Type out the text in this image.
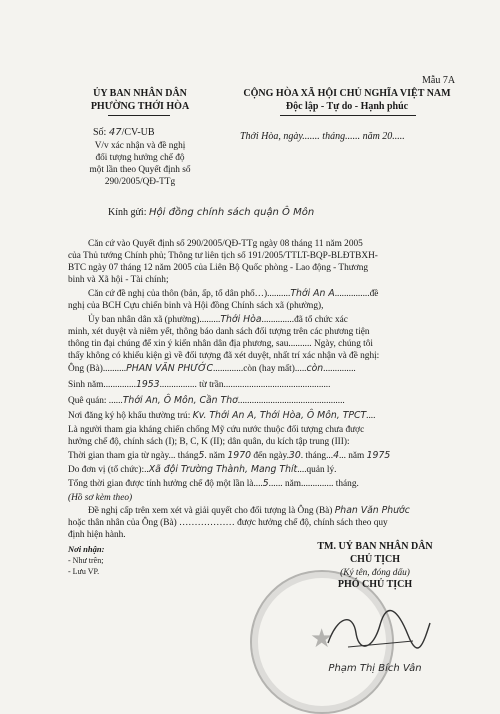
Mẫu 7A
ỦY BAN NHÂN DÂN
PHƯỜNG THỚI HÒA
CỘNG HÒA XÃ HỘI CHỦ NGHĨA VIỆT NAM
Độc lập - Tự do - Hạnh phúc
Số: 47/CV-UB
V/v xác nhận và đề nghị
đối tượng hưởng chế độ
một lần theo Quyết định số
290/2005/QĐ-TTg
Thới Hòa, ngày....... tháng...... năm 20.....
Kính gửi: Hội đồng chính sách quận Ô Môn
Căn cứ vào Quyết định số 290/2005/QĐ-TTg ngày 08 tháng 11 năm 2005
của Thủ tướng Chính phủ; Thông tư liên tịch số 191/2005/TTLT-BQP-BLĐTBXH-
BTC ngày 07 tháng 12 năm 2005 của Liên Bộ Quốc phòng - Lao động - Thương
binh và Xã hội - Tài chính;
Căn cứ đề nghị của thôn (bản, ấp, tổ dân phố…)..........Thới An A...............đề
nghị của BCH Cựu chiến binh và Hội đồng Chính sách xã (phường),
Ủy ban nhân dân xã (phường).........Thới Hòa..............đã tổ chức xác
minh, xét duyệt và niêm yết, thông báo danh sách đối tượng trên các phương tiện
thông tin đại chúng để xin ý kiến nhân dân địa phương, sau.......... Ngày, chúng tôi
thấy không có khiếu kiện gì về đối tượng đã xét duyệt, nhất trí xác nhận và đề nghị:
Ông (Bà)..........PHAN VĂN PHƯỚC.............còn (hay mất).....còn..............
Sinh năm..............1953................ từ trần..............................................
Quê quán: ......Thới An, Ô Môn, Cần Thơ..............................................
Nơi đăng ký hộ khẩu thường trú: Kv. Thới An A, Thới Hòa, Ô Môn, TPCT....
Là người tham gia kháng chiến chống Mỹ cứu nước thuộc đối tượng chưa được
hưởng chế độ, chính sách (I); B, C, K (II); dân quân, du kích tập trung (III):
Thời gian tham gia từ ngày... tháng5. năm 1970 đến ngày.30. tháng...4... năm 1975
Do đơn vị (tổ chức):..Xã đội Trường Thành, Mang Thít....quản lý.
Tổng thời gian được tính hưởng chế độ một lần là....5...... năm.............. tháng.
(Hồ sơ kèm theo)
Đề nghị cấp trên xem xét và giải quyết cho đối tượng là Ông (Bà) Phan Văn Phước
hoặc thân nhân của Ông (Bà) ……………… được hưởng chế độ, chính sách theo quy
định hiện hành.
Nơi nhận:
- Như trên;
- Lưu VP.
★
TM. UỶ BAN NHÂN DÂN
CHỦ TỊCH
(Ký tên, đóng dấu)
PHÓ CHỦ TỊCH
Phạm Thị Bích Vân
